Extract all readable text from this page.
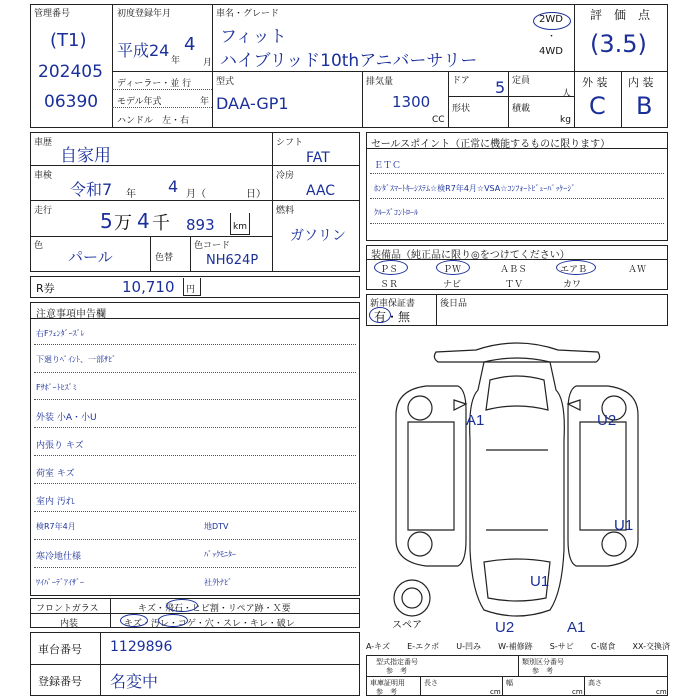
管理番号
(T1)
202405
06390
初度登録年月
平成24
年
4
月
車名・グレード
フィット
ハイブリッド10thアニバーサリー
2WD
・
4WD
ディーラー・並 行
モデル年式	年
ハンドル　左・右
型式
DAA-GP1
排気量
1300
CC
ドア 5 定員
人
形状	積載
kg
評　価　点
(3.5)
外 装 内 装
C B
車歴
自家用
車検
令和7 年 4 月（	日）
走行 5 万 4 千 893 km
色
パール	色替
色コード
NH624P
シフト
FAT
冷房
AAC
燃料
ガソリン
R券	10,710 円
セールスポイント（正常に機能するものに限ります）
ＥＴＣ
ﾎﾝﾀﾞｽﾏｰﾄｷｰｼｽﾃﾑ☆検R7年4月☆VSA☆ｺﾝﾌｫｰﾄﾋﾞｭｰﾊﾟｯｹｰｼﾞ
ｸﾙｰｽﾞｺﾝﾄﾛｰﾙ
装備品（純正品に限り◎をつけてください）
ＰＳ	ＰＷ	ＡＢＳ	エアＢ	ＡＷ
ＳＲ	ナビ	ＴＶ	カワ
新車保証書
有・無
後日品
注意事項申告欄
右Fﾌｪﾝﾀﾞｰｽﾞﾚ
下廻りﾍﾟｲﾝﾄ、一部ｻﾋﾞ
Fｻﾎﾟｰﾄﾋｽﾞﾐ
外装 小A・小U
内張り キズ
荷室 キズ
室内 汚れ
検R7年4月
寒冷地仕様
ﾜｲﾊﾟｰﾃﾞｱｲｻﾞｰ
地DTV
ﾊﾞｯｸﾓﾆﾀｰ
社外ﾅﾋﾞ
フロントガラス	キズ・飛石・ヒビ割・リペア跡・Ｘ要
内装	キズ・汚レ・コゲ・穴・スレ・キレ・破レ
車台番号 1129896
登録番号 名変中
A1	U2
U1
U1
U2	A1
スペア
A-キズ E-エクボ U-凹み W-補修跡 S-サビ C-腐食 XX-交換済
型式指定番号
参　考
類別区分番号
参　考
車庫証明用
参　考
長さ
cm
幅
cm
高さ
cm
